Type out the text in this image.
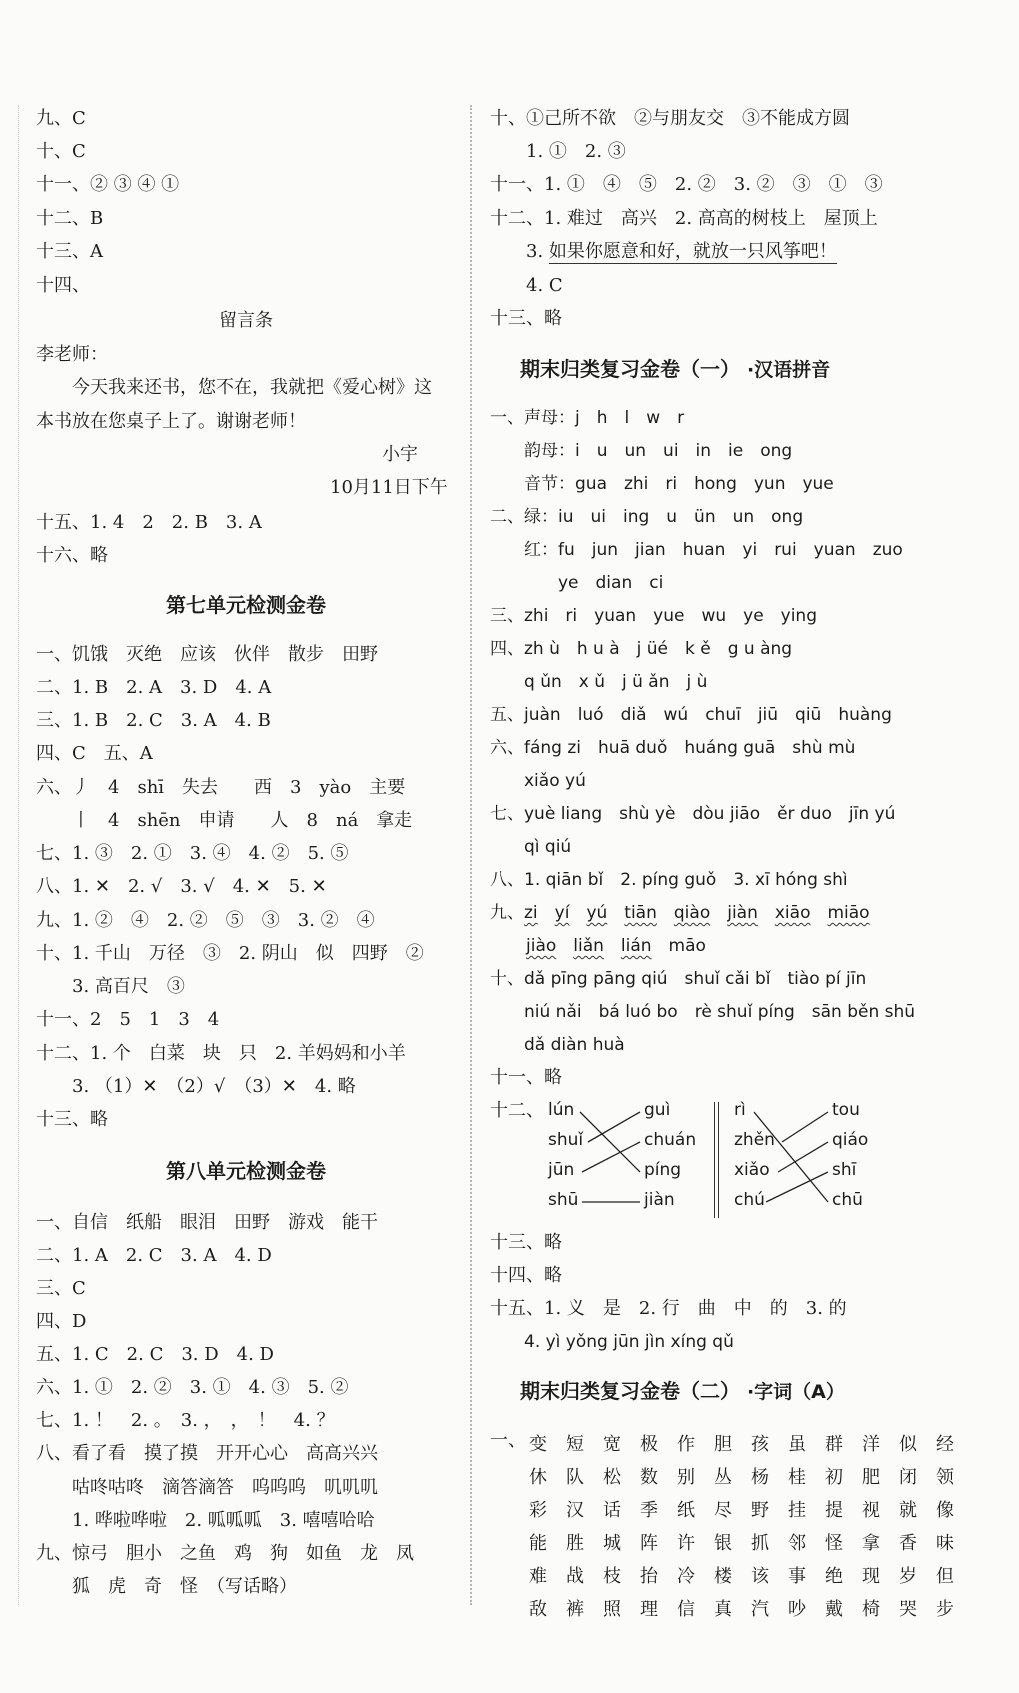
九、C
十、C
十一、② ③ ④ ①
十二、B
十三、A
十四、
留言条
李老师：
今天我来还书，您不在，我就把《爱心树》这
本书放在您桌子上了。谢谢老师！
小宇
10月11日下午
十五、1. 4　2　2. B　3. A
十六、略
第七单元检测金卷
一、饥饿　灭绝　应该　伙伴　散步　田野
二、1. B　2. A　3. D　4. A
三、1. B　2. C　3. A　4. B
四、C　五、A
六、丿　4　shī　失去　　西　3　yào　主要
　　丨　4　shēn　申请　　人　8　ná　拿走
七、1. ③　2. ①　3. ④　4. ②　5. ⑤
八、1. ✕　2. √　3. √　4. ✕　5. ✕
九、1. ②　④　2. ②　⑤　③　3. ②　④
十、1. 千山　万径　③　2. 阴山　似　四野　②
　　3. 高百尺　③
十一、2　5　1　3　4
十二、1. 个　白菜　块　只　2. 羊妈妈和小羊
　　3. （1）✕　（2）√　（3）✕　4. 略
十三、略
第八单元检测金卷
一、自信　纸船　眼泪　田野　游戏　能干
二、1. A　2. C　3. A　4. D
三、C
四、D
五、1. C　2. C　3. D　4. D
六、1. ①　2. ②　3. ①　4. ③　5. ②
七、1. ！　2. 。　3. ，　，　！　4. ？
八、看了看　摸了摸　开开心心　高高兴兴
　　咕咚咕咚　滴答滴答　呜呜呜　叽叽叽
　　1. 哗啦哗啦　2. 呱呱呱　3. 嘻嘻哈哈
九、惊弓　胆小　之鱼　鸡　狗　如鱼　龙　凤
　　狐　虎　奇　怪　（写话略）
十、①己所不欲　②与朋友交　③不能成方圆
　　1. ①　2. ③
十一、1. ①　④　⑤　2. ②　3. ②　③　①　③
十二、1. 难过　高兴　2. 高高的树枝上　屋顶上
　　3. 如果你愿意和好，就放一只风筝吧！
　　4. C
十三、略
期末归类复习金卷（一） ·汉语拼音
一、声母：j　h　l　w　r
　　韵母：i　u　un　ui　in　ie　ong
　　音节：gua　zhi　ri　hong　yun　yue
二、绿：iu　ui　ing　u　ün　un　ong
　　红：fu　jun　jian　huan　yi　rui　yuan　zuo
　　　　ye　dian　ci
三、zhi　ri　yuan　yue　wu　ye　ying
四、zh ù　h u à　j üé　k ě　g u àng
　　q ǔn　x ǔ　j ü ǎn　j ù
五、juàn　luó　diǎ　wú　chuī　jiū　qiū　huàng
六、fáng zi　huā duǒ　huáng guā　shù mù
　　xiǎo yú
七、yuè liang　shù yè　dòu jiāo　ěr duo　jīn yú
　　qì qiú
八、1. qiān bǐ　2. píng guǒ　3. xī hóng shì
九、zi　 yí　 yú　 tiān　 qiào　 jiàn　 xiāo　 miāo
jiào　 liǎn　 lián　 māo
十、dǎ pīng pāng qiú　shuǐ cǎi bǐ　tiào pí jīn
　　niú nǎi　bá luó bo　rè shuǐ píng　sān běn shū
　　dǎ diàn huà
十一、略
十二、 lún
shuǐ
jūn
shū
guì
chuán
píng
jiàn
rì
zhěn
xiǎo
chú
tou
qiáo
shī
chū
十三、略
十四、略
十五、1. 义　是　2. 行　曲　中　的　3. 的
　　4. yì yǒng jūn jìn xíng qǔ
期末归类复习金卷（二） ·字词（A）
一、 变 短 宽 极 作 胆 孩 虽 群 洋 似 经
休 队 松 数 别 丛 杨 桂 初 肥 闭 领
彩 汉 话 季 纸 尽 野 挂 提 视 就 像
能 胜 城 阵 许 银 抓 邻 怪 拿 香 味
难 战 枝 抬 冷 楼 该 事 绝 现 岁 但
敌 裤 照 理 信 真 汽 吵 戴 椅 哭 步
